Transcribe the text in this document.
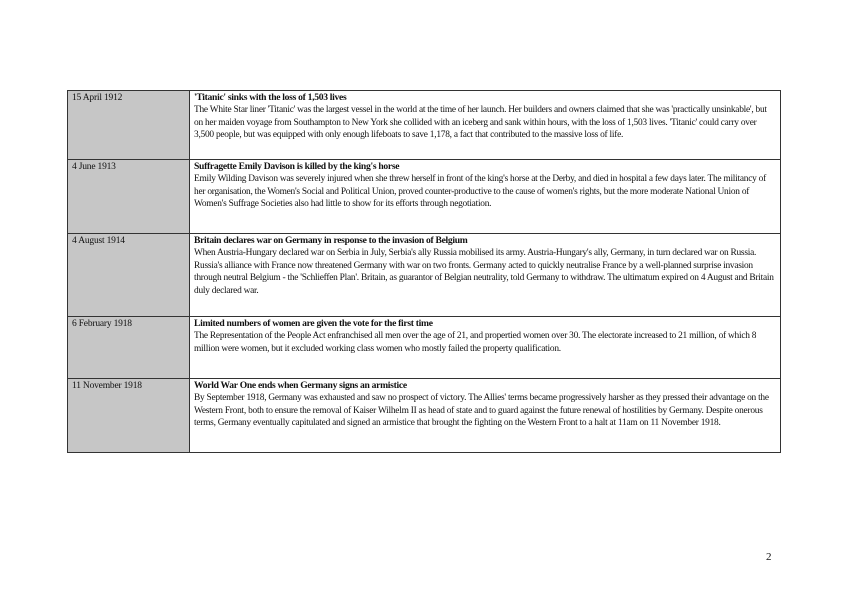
15 April 1912	'Titanic' sinks with the loss of 1,503 lives
The White Star liner 'Titanic' was the largest vessel in the world at the time of her launch. Her builders and owners claimed that she was 'practically unsinkable', but on her maiden voyage from Southampton to New York she collided with an iceberg and sank within hours, with the loss of 1,503 lives. 'Titanic' could carry over 3,500 people, but was equipped with only enough lifeboats to save 1,178, a fact that contributed to the massive loss of life.

4 June 1913	Suffragette Emily Davison is killed by the king's horse
Emily Wilding Davison was severely injured when she threw herself in front of the king's horse at the Derby, and died in hospital a few days later. The militancy of her organisation, the Women's Social and Political Union, proved counter-productive to the cause of women's rights, but the more moderate National Union of Women's Suffrage Societies also had little to show for its efforts through negotiation.

4 August 1914	Britain declares war on Germany in response to the invasion of Belgium
When Austria-Hungary declared war on Serbia in July, Serbia's ally Russia mobilised its army. Austria-Hungary's ally, Germany, in turn declared war on Russia. Russia's alliance with France now threatened Germany with war on two fronts. Germany acted to quickly neutralise France by a well-planned surprise invasion through neutral Belgium - the 'Schlieffen Plan'. Britain, as guarantor of Belgian neutrality, told Germany to withdraw. The ultimatum expired on 4 August and Britain duly declared war.

6 February 1918	Limited numbers of women are given the vote for the first time
The Representation of the People Act enfranchised all men over the age of 21, and propertied women over 30. The electorate increased to 21 million, of which 8 million were women, but it excluded working class women who mostly failed the property qualification.

11 November 1918	World War One ends when Germany signs an armistice
By September 1918, Germany was exhausted and saw no prospect of victory. The Allies' terms became progressively harsher as they pressed their advantage on the Western Front, both to ensure the removal of Kaiser Wilhelm II as head of state and to guard against the future renewal of hostilities by Germany. Despite onerous terms, Germany eventually capitulated and signed an armistice that brought the fighting on the Western Front to a halt at 11am on 11 November 1918.
2
